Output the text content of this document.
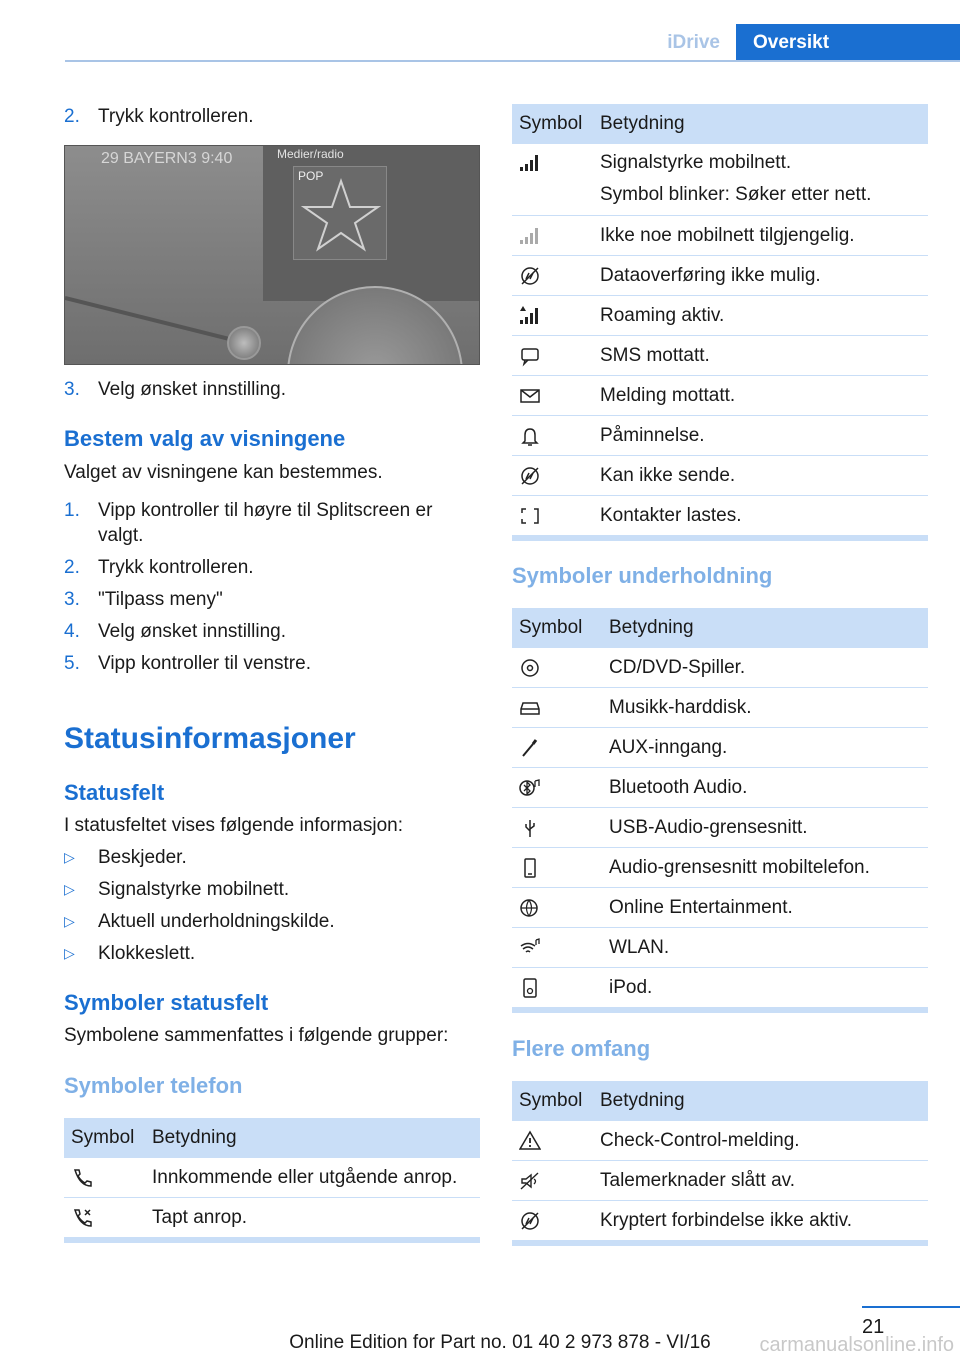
iDrive	Oversikt
2. Trykk kontrolleren.
29 BAYERN3 9:40	Medier/radio
POP
3. Velg ønsket innstilling.
Bestem valg av visningene
Valget av visningene kan bestemmes.
1. Vipp kontroller til høyre til Splitscreen er valgt.
2. Trykk kontrolleren.
3. "Tilpass meny"
4. Velg ønsket innstilling.
5. Vipp kontroller til venstre.
Statusinformasjoner
Statusfelt
I statusfeltet vises følgende informasjon:
▷	Beskjeder.
▷	Signalstyrke mobilnett.
▷	Aktuell underholdningskilde.
▷	Klokkeslett.
Symboler statusfelt
Symbolene sammenfattes i følgende grupper:
Symboler telefon
Symbol Betydning
Innkommende eller utgående anrop.
Tapt anrop.
Symbol Betydning
Signalstyrke mobilnett.
Symbol blinker: Søker etter nett.
Ikke noe mobilnett tilgjengelig.
Dataoverføring ikke mulig.
Roaming aktiv.
SMS mottatt.
Melding mottatt.
Påminnelse.
Kan ikke sende.
Kontakter lastes.
Symboler underholdning
Symbol	Betydning
CD/DVD-Spiller.
Musikk-harddisk.
AUX-inngang.
Bluetooth Audio.
USB-Audio-grensesnitt.
Audio-grensesnitt mobiltelefon.
Online Entertainment.
WLAN.
iPod.
Flere omfang
Symbol Betydning
Check-Control-melding.
Talemerknader slått av.
Kryptert forbindelse ikke aktiv.
21
Online Edition for Part no. 01 40 2 973 878 - VI/16	carmanualsonline.info
